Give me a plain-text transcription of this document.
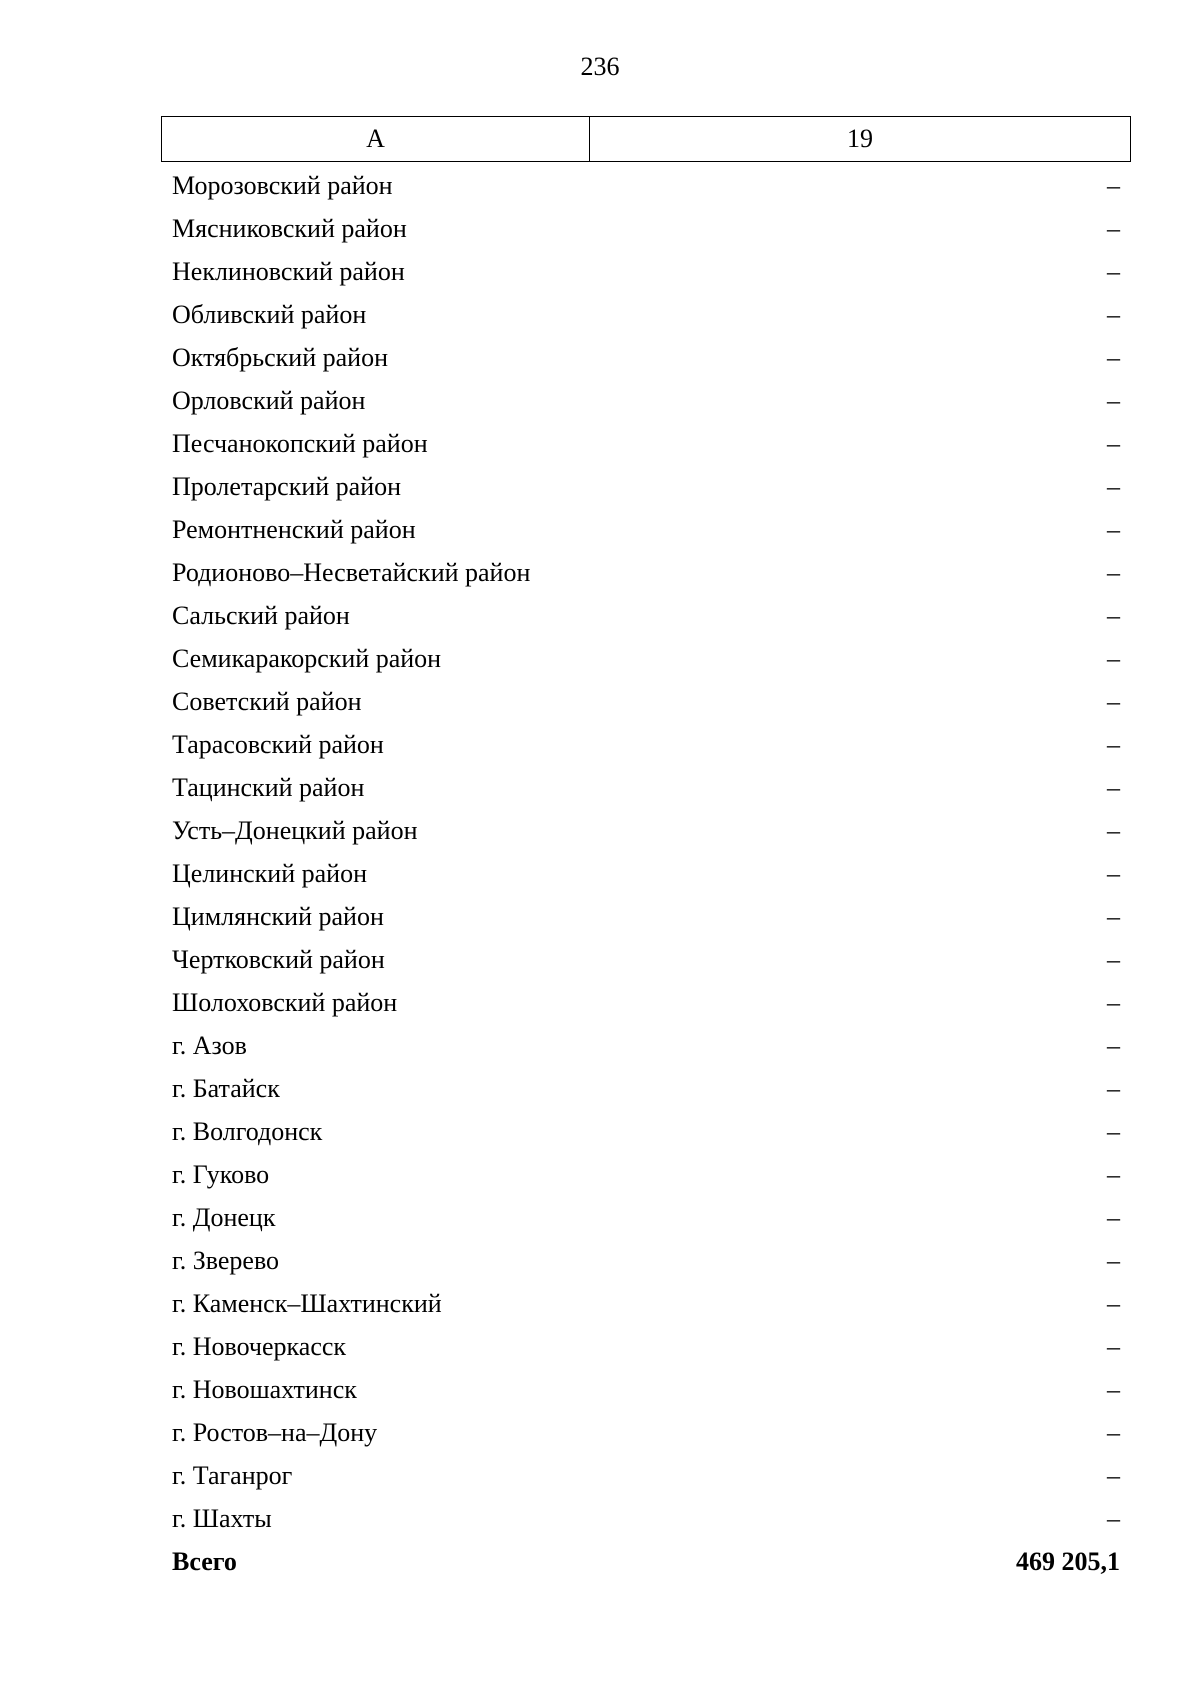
236
А	19
Морозовский район	–
Мясниковский район	–
Неклиновский район	–
Обливский район	–
Октябрьский район	–
Орловский район	–
Песчанокопский район	–
Пролетарский район	–
Ремонтненский район	–
Родионово–Несветайский район	–
Сальский район	–
Семикаракорский район	–
Советский район	–
Тарасовский район	–
Тацинский район	–
Усть–Донецкий район	–
Целинский район	–
Цимлянский район	–
Чертковский район	–
Шолоховский район	–
г. Азов	–
г. Батайск	–
г. Волгодонск	–
г. Гуково	–
г. Донецк	–
г. Зверево	–
г. Каменск–Шахтинский	–
г. Новочеркасск	–
г. Новошахтинск	–
г. Ростов–на–Дону	–
г. Таганрог	–
г. Шахты	–
Всего	469 205,1
